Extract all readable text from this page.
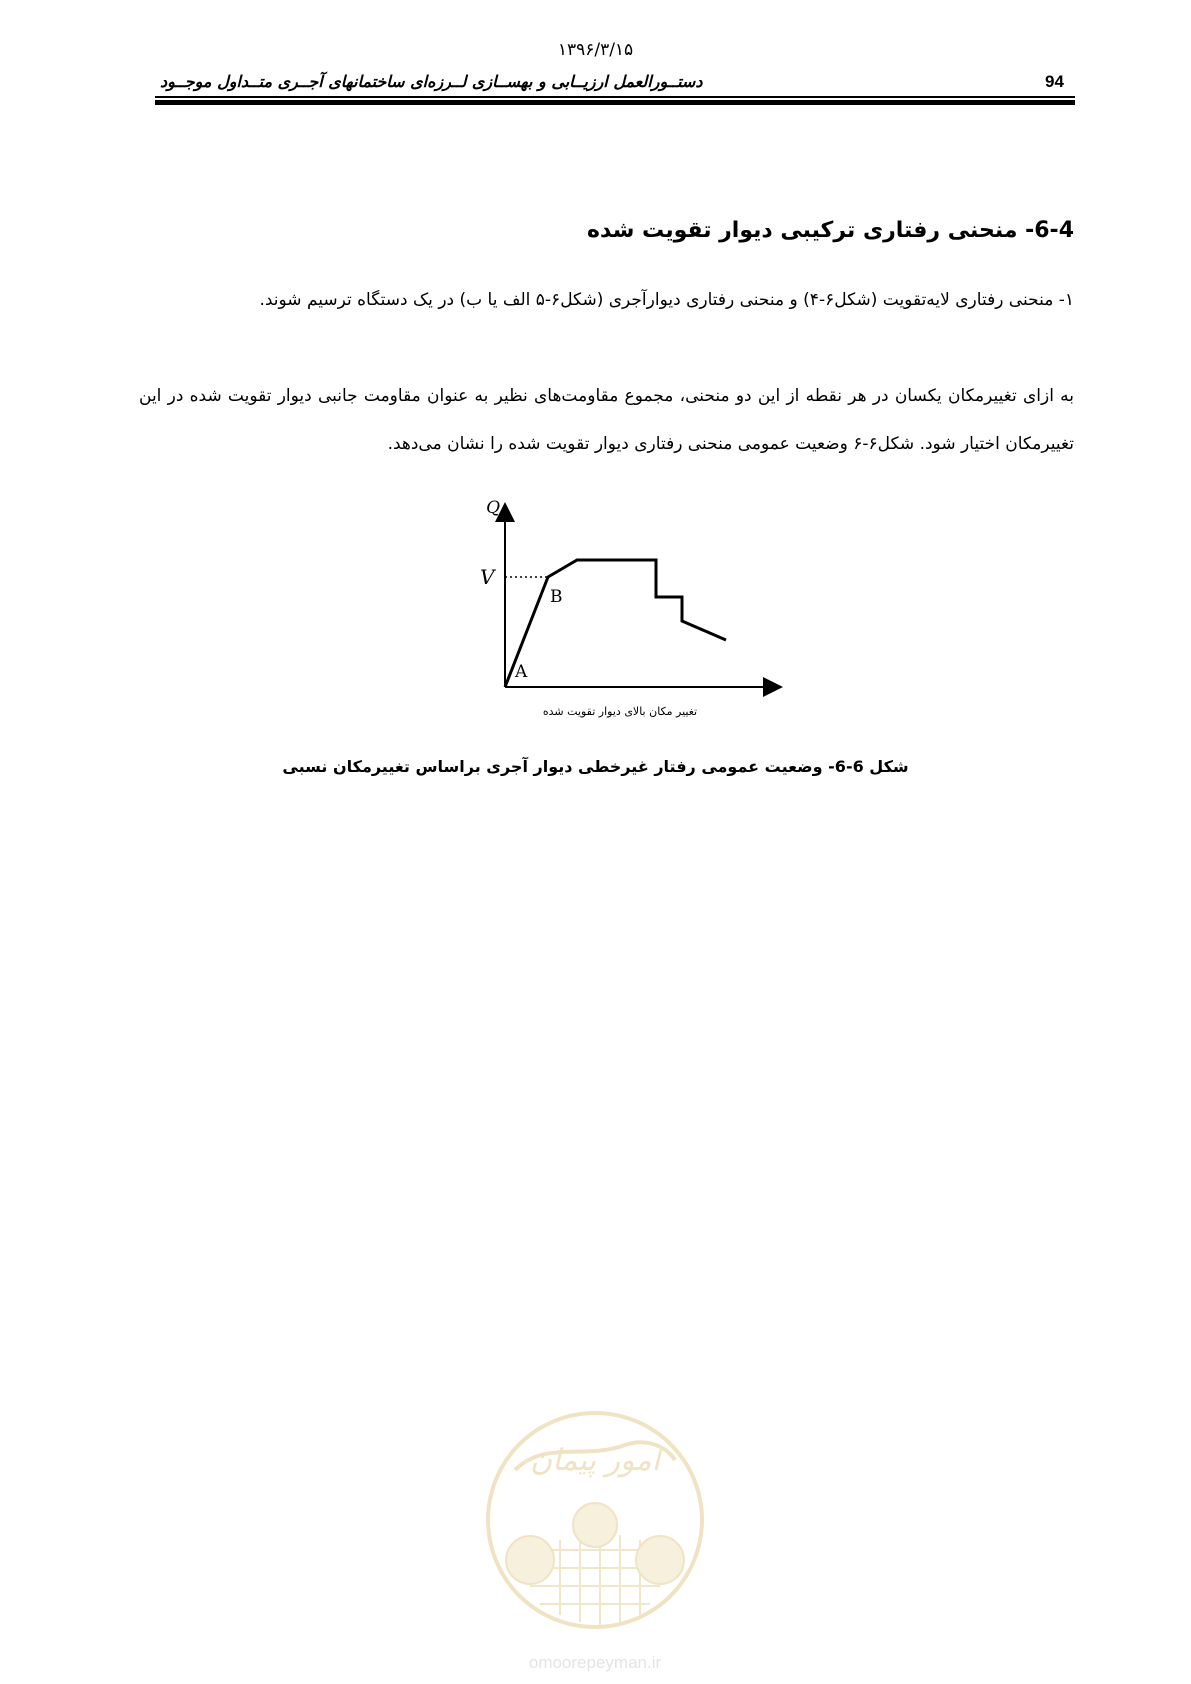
۱۳۹۶/۳/۱۵
دستــورالعمل ارزیــابی و بهســازی لــرزه‌ای ساختمانهای آجــری متــداول موجــود	94
6-4- منحنی رفتاری ترکیبی دیوار تقویت شده
۱- منحنی رفتاری لایه‌تقویت (شکل۶-۴) و منحنی رفتاری دیوارآجری (شکل۶-۵ الف یا ب) در یک دستگاه ترسیم شوند.
به ازای تغییرمکان یکسان در هر نقطه از این دو منحنی، مجموع مقاومت‌های نظیر به عنوان مقاومت جانبی دیوار تقویت شده در این تغییرمکان اختیار شود. شکل۶-۶ وضعیت عمومی منحنی رفتاری دیوار تقویت شده را نشان می‌دهد.
Q
V
B
A
تغییر مکان بالای دیوار تقویت شده
شکل 6-6- وضعیت عمومی رفتار غیرخطی دیوار آجری براساس تغییرمکان نسبی
امور پیمان
omoorepeyman.ir
